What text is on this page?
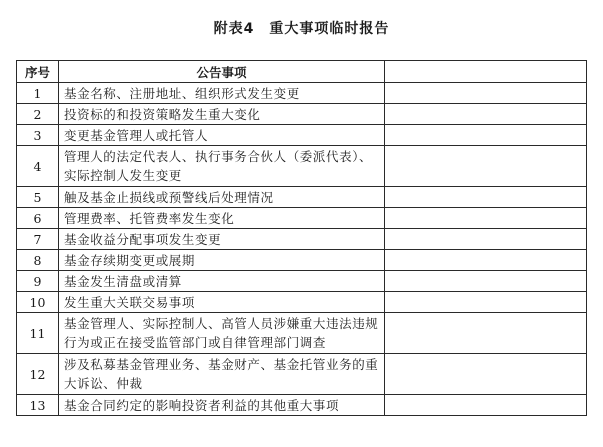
附表4　重大事项临时报告
序号	公告事项	
1	基金名称、注册地址、组织形式发生变更	
2	投资标的和投资策略发生重大变化	
3	变更基金管理人或托管人	
4	管理人的法定代表人、执行事务合伙人（委派代表）、实际控制人发生变更	
5	触及基金止损线或预警线后处理情况	
6	管理费率、托管费率发生变化	
7	基金收益分配事项发生变更	
8	基金存续期变更或展期	
9	基金发生清盘或清算	
10	发生重大关联交易事项	
11	基金管理人、实际控制人、高管人员涉嫌重大违法违规行为或正在接受监管部门或自律管理部门调查	
12	涉及私募基金管理业务、基金财产、基金托管业务的重大诉讼、仲裁	
13	基金合同约定的影响投资者利益的其他重大事项	
